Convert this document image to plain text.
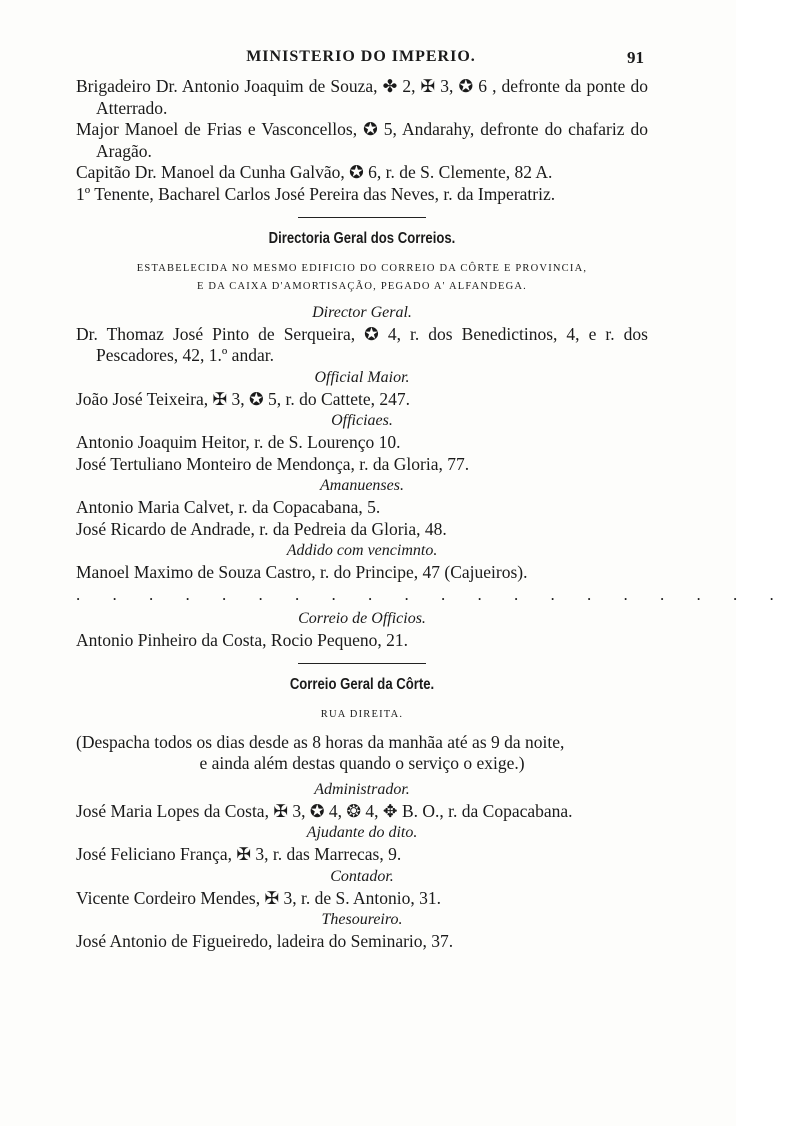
MINISTERIO DO IMPERIO.	91

Brigadeiro Dr. Antonio Joaquim de Souza, ✤ 2, ✠ 3, ✪ 6 , defronte da ponte do Atterrado.

Major Manoel de Frias e Vasconcellos, ✪ 5, Andarahy, defronte do chafariz do Aragão.

Capitão Dr. Manoel da Cunha Galvão, ✪ 6, r. de S. Clemente, 82 A.

1º Tenente, Bacharel Carlos José Pereira das Neves, r. da Imperatriz.

Directoria Geral dos Correios.

ESTABELECIDA NO MESMO EDIFICIO DO CORREIO DA CÔRTE E PROVINCIA,
E DA CAIXA D'AMORTISAÇÃO, PEGADO A' ALFANDEGA.

Director Geral.

Dr. Thomaz José Pinto de Serqueira, ✪ 4, r. dos Benedictinos, 4, e r. dos Pescadores, 42, 1.º andar.

Official Maior.

João José Teixeira, ✠ 3, ✪ 5, r. do Cattete, 247.

Officiaes.

Antonio Joaquim Heitor, r. de S. Lourenço 10.

José Tertuliano Monteiro de Mendonça, r. da Gloria, 77.

Amanuenses.

Antonio Maria Calvet, r. da Copacabana, 5.

José Ricardo de Andrade, r. da Pedreia da Gloria, 48.

Addido com vencimnto.

Manoel Maximo de Souza Castro, r. do Principe, 47 (Cajueiros).

. . . . . . . . . . . . . . . . . . . .

Correio de Officios.

Antonio Pinheiro da Costa, Rocio Pequeno, 21.

Correio Geral da Côrte.

RUA DIREITA.

(Despacha todos os dias desde as 8 horas da manhãa até as 9 da noite,

e ainda além destas quando o serviço o exige.)

Administrador.

José Maria Lopes da Costa, ✠ 3, ✪ 4, ❂ 4, ✥ B. O., r. da Copacabana.

Ajudante do dito.

José Feliciano França, ✠ 3, r. das Marrecas, 9.

Contador.

Vicente Cordeiro Mendes, ✠ 3, r. de S. Antonio, 31.

Thesoureiro.

José Antonio de Figueiredo, ladeira do Seminario, 37.
